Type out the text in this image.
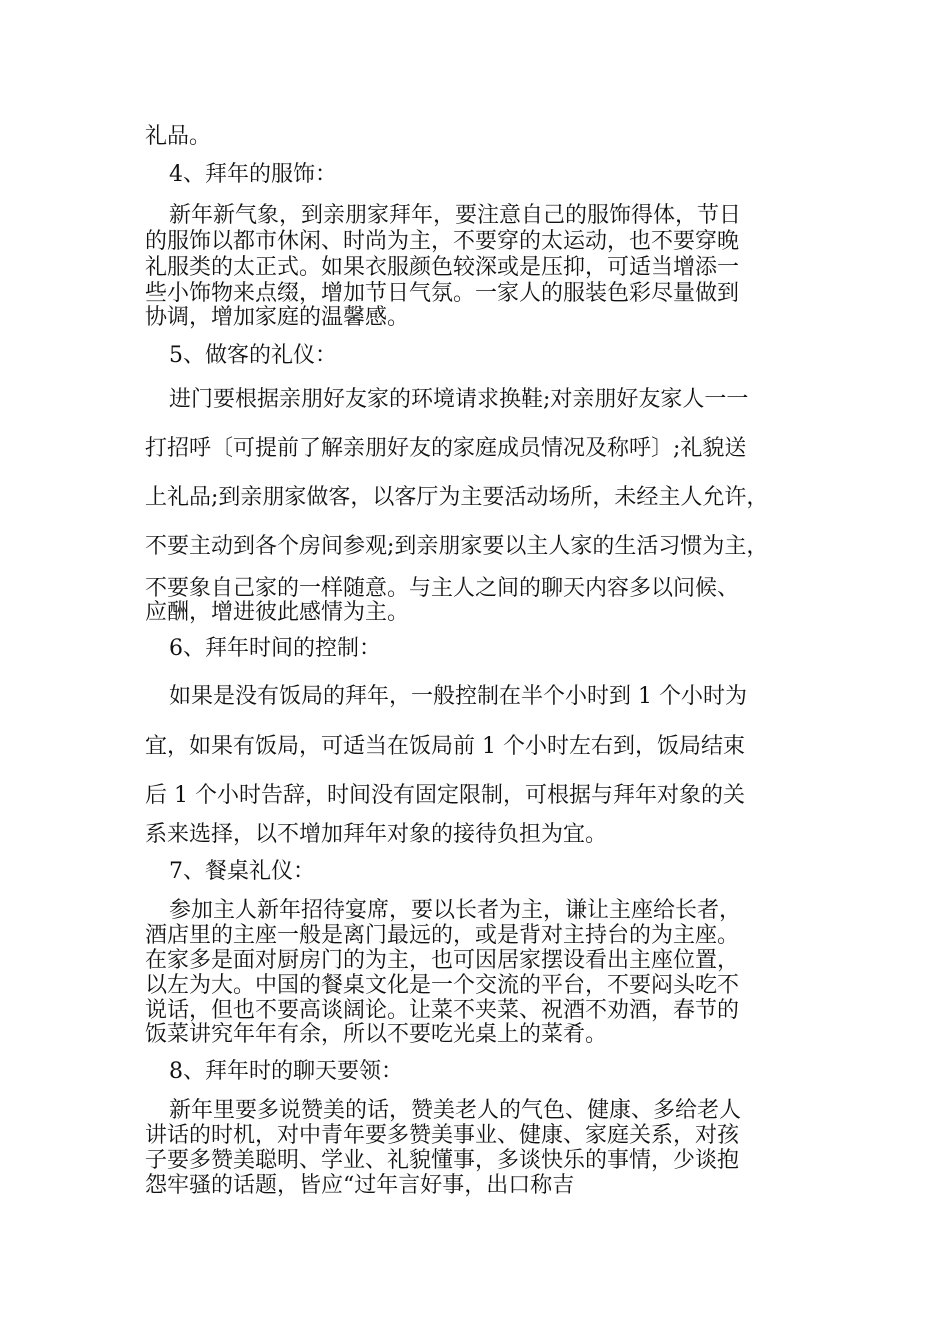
礼品。
4、拜年的服饰：
新年新气象，到亲朋家拜年，要注意自己的服饰得体，节日
的服饰以都市休闲、时尚为主，不要穿的太运动，也不要穿晚
礼服类的太正式。如果衣服颜色较深或是压抑，可适当增添一
些小饰物来点缀，增加节日气氛。一家人的服装色彩尽量做到
协调，增加家庭的温馨感。
5、做客的礼仪：
进门要根据亲朋好友家的环境请求换鞋;对亲朋好友家人一一
打招呼〔可提前了解亲朋好友的家庭成员情况及称呼〕;礼貌送
上礼品;到亲朋家做客，以客厅为主要活动场所，未经主人允许，
不要主动到各个房间参观;到亲朋家要以主人家的生活习惯为主，
不要象自己家的一样随意。与主人之间的聊天内容多以问候、
应酬，增进彼此感情为主。
6、拜年时间的控制：
如果是没有饭局的拜年，一般控制在半个小时到 1 个小时为
宜，如果有饭局，可适当在饭局前 1 个小时左右到，饭局结束
后 1 个小时告辞，时间没有固定限制，可根据与拜年对象的关
系来选择，以不增加拜年对象的接待负担为宜。
7、餐桌礼仪：
参加主人新年招待宴席，要以长者为主，谦让主座给长者，
酒店里的主座一般是离门最远的，或是背对主持台的为主座。
在家多是面对厨房门的为主，也可因居家摆设看出主座位置，
以左为大。中国的餐桌文化是一个交流的平台，不要闷头吃不
说话，但也不要高谈阔论。让菜不夹菜、祝酒不劝酒，春节的
饭菜讲究年年有余，所以不要吃光桌上的菜肴。
8、拜年时的聊天要领：
新年里要多说赞美的话，赞美老人的气色、健康、多给老人
讲话的时机，对中青年要多赞美事业、健康、家庭关系，对孩
子要多赞美聪明、学业、礼貌懂事，多谈快乐的事情，少谈抱
怨牢骚的话题，皆应“过年言好事，出口称吉
